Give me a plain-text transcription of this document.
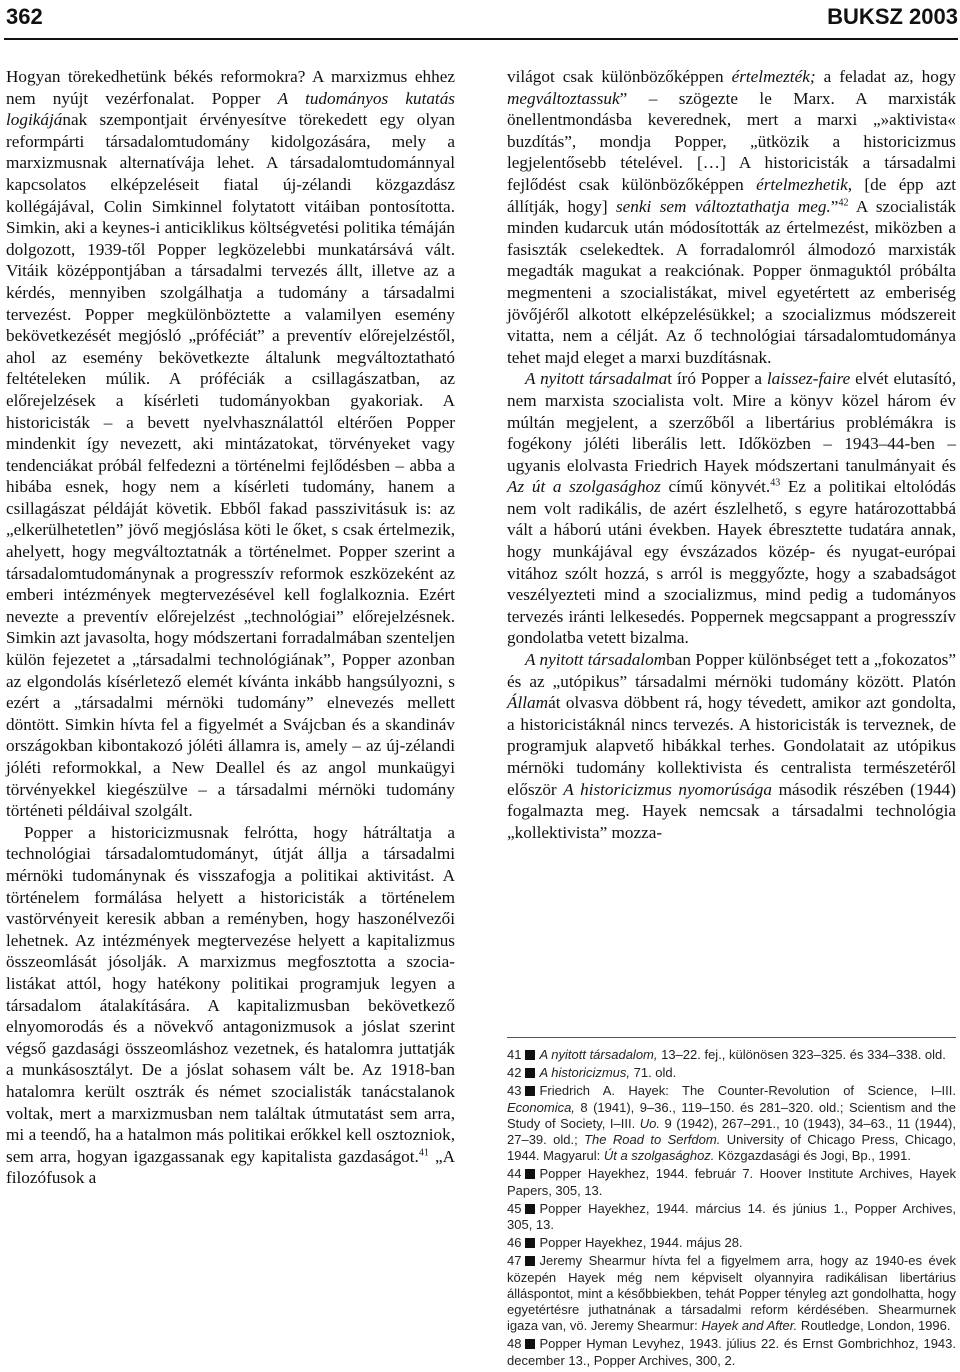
362	BUKSZ 2003

Hogyan törekedhetünk békés reformokra? A marxizmus ehhez nem nyújt vezérfonalat. Popper A tudományos kutatás logikájának szempontjait érvényesítve törekedett egy olyan reformpárti társadalomtudomány kidolgozására, mely a marxizmusnak alternatívája lehet. A társadalomtudománnyal kapcsolatos elképzeléseit fiatal új-zélandi közgazdász kollégájával, Colin Simkinnel folytatott vitáiban pontosította. Simkin, aki a keynes-i anticiklikus költségvetési politika témáján dolgozott, 1939-től Popper legközelebbi munkatársává vált. Vitáik középpontjában a társadalmi tervezés állt, illetve az a kérdés, mennyiben szolgálhatja a tudomány a társadalmi tervezést. Popper megkülönböztette a valamilyen esemény bekövetkezését megjósló „próféciát” a preventív előrejelzéstől, ahol az esemény bekövetkezte általunk megváltoztatható feltételeken múlik. A próféciák a csillagászatban, az előrejelzések a kísérleti tudományokban gyakoriak. A historicisták – a bevett nyelvhasználattól eltérően Popper mindenkit így nevezett, aki mintázatokat, törvényeket vagy tendenciákat próbál felfedezni a történelmi fejlődésben – abba a hibába esnek, hogy nem a kísérleti tudomány, hanem a csillagászat példáját követik. Ebből fakad passzivitásuk is: az „elkerülhetetlen” jövő megjóslása köti le őket, s csak értelmezik, ahelyett, hogy megváltoztatnák a történelmet. Popper szerint a társadalomtudománynak a progresszív reformok eszközeként az emberi intézmények megtervezésével kell foglalkoznia. Ezért nevezte a preventív előrejelzést „technológiai” előrejelzésnek. Simkin azt javasolta, hogy módszertani forradalmában szenteljen külön fejezetet a „társadalmi technológiának”, Popper azonban az elgondolás kísérletező elemét kívánta inkább hangsúlyozni, s ezért a „társadalmi mérnöki tudomány” elnevezés mellett döntött. Simkin hívta fel a figyelmét a Svájcban és a skandináv országokban kibontakozó jóléti államra is, amely – az új-zélandi jóléti reformokkal, a New Deallel és az angol munkaügyi törvényekkel kiegészülve – a társadalmi mérnöki tudomány történeti példáival szolgált.

Popper a historicizmusnak felrótta, hogy hátráltatja a technológiai társadalomtudományt, útját állja a társadalmi mérnöki tudománynak és visszafogja a politikai aktivitást. A történelem formálása helyett a historicisták a történelem vastörvényeit keresik abban a reményben, hogy haszonélvezői lehetnek. Az intézmények megtervezése helyett a kapitalizmus összeomlását jósolják. A marxizmus megfosztotta a szocialistákat attól, hogy hatékony politikai programjuk legyen a társadalom átalakítására. A kapitalizmusban bekövetkező elnyomorodás és a növekvő antagonizmusok a jóslat szerint végső gazdasági összeomláshoz vezetnek, és hatalomra juttatják a munkásosztályt. De a jóslat sohasem vált be. Az 1918-ban hatalomra került osztrák és német szocialisták tanácstalanok voltak, mert a marxizmusban nem találtak útmutatást sem arra, mi a teendő, ha a hatalmon más politikai erőkkel kell osztozniok, sem arra, hogyan igazgassanak egy kapitalista gazdaságot.$^{41}$ „A filozófusok a

világot csak különbözőképpen értelmezték; a feladat az, hogy megváltoztassuk” – szögezte le Marx. A marxisták önellentmondásba keverednek, mert a marxi „»aktivista« buzdítás”, mondja Popper, „ütközik a historicizmus legjelentősebb tételével. […] A historicisták a társadalmi fejlődést csak különbözőképpen értelmezhetik, [de épp azt állítják, hogy] senki sem változtathatja meg.”$^{42}$ A szocialisták minden kudarcuk után módosították az értelmezést, miközben a fasiszták cselekedtek. A forradalomról álmodozó marxisták megadták magukat a reakciónak. Popper önmaguktól próbálta megmenteni a szocialistákat, mivel egyetértett az emberiség jövőjéről alkotott elképzelésükkel; a szocializmus módszereit vitatta, nem a célját. Az ő technológiai társadalomtudománya tehet majd eleget a marxi buzdításnak.

A nyitott társadalmat író Popper a laissez-faire elvét elutasító, nem marxista szocialista volt. Mire a könyv közel három év múltán megjelent, a szerzőből a libertárius problémákra is fogékony jóléti liberális lett. Időközben – 1943–44-ben – ugyanis elolvasta Friedrich Hayek módszertani tanulmányait és Az út a szolgasághoz című könyvét.$^{43}$ Ez a politikai eltolódás nem volt radikális, de azért észlelhető, s egyre határozottabbá vált a háború utáni években. Hayek ébresztette tudatára annak, hogy munkájával egy évszázados közép- és nyugat-európai vitához szólt hozzá, s arról is meggyőzte, hogy a szabadságot veszélyezteti mind a szocializmus, mind pedig a tudományos tervezés iránti lelkesedés. Poppernek megcsappant a progresszív gondolatba vetett bizalma.

A nyitott társadalomban Popper különbséget tett a „fokozatos” és az „utópikus” társadalmi mérnöki tudomány között. Platón Államát olvasva döbbent rá, hogy tévedett, amikor azt gondolta, a historicistáknál nincs tervezés. A historicisták is terveznek, de programjuk alapvető hibákkal terhes. Gondolatait az utópikus mérnöki tudomány kollektivista és centralista természetéről először A historicizmus nyomorúsága második részében (1944) fogalmazta meg. Hayek nemcsak a társadalmi technológia „kollektivista” mozza-

41 A nyitott társadalom, 13–22. fej., különösen 323–325. és 334–338. old.
42 A historicizmus, 71. old.
43 Friedrich A. Hayek: The Counter-Revolution of Science, I–III. Economica, 8 (1941), 9–36., 119–150. és 281–320. old.; Scientism and the Study of Society, I–III. Uo. 9 (1942), 267–291., 10 (1943), 34–63., 11 (1944), 27–39. old.; The Road to Serfdom. University of Chicago Press, Chicago, 1944. Magyarul: Út a szolgasághoz. Közgazdasági és Jogi, Bp., 1991.
44 Popper Hayekhez, 1944. február 7. Hoover Institute Archives, Hayek Papers, 305, 13.
45 Popper Hayekhez, 1944. március 14. és június 1., Popper Archives, 305, 13.
46 Popper Hayekhez, 1944. május 28.
47 Jeremy Shearmur hívta fel a figyelmem arra, hogy az 1940-es évek közepén Hayek még nem képviselt olyannyira radikálisan libertárius álláspontot, mint a későbbiekben, tehát Popper tényleg azt gondolhatta, hogy egyetértésre juthatnának a társadalmi reform kérdésében. Shearmurnek igaza van, vö. Jeremy Shearmur: Hayek and After. Routledge, London, 1996.
48 Popper Hyman Levyhez, 1943. július 22. és Ernst Gombrichhoz, 1943. december 13., Popper Archives, 300, 2.
